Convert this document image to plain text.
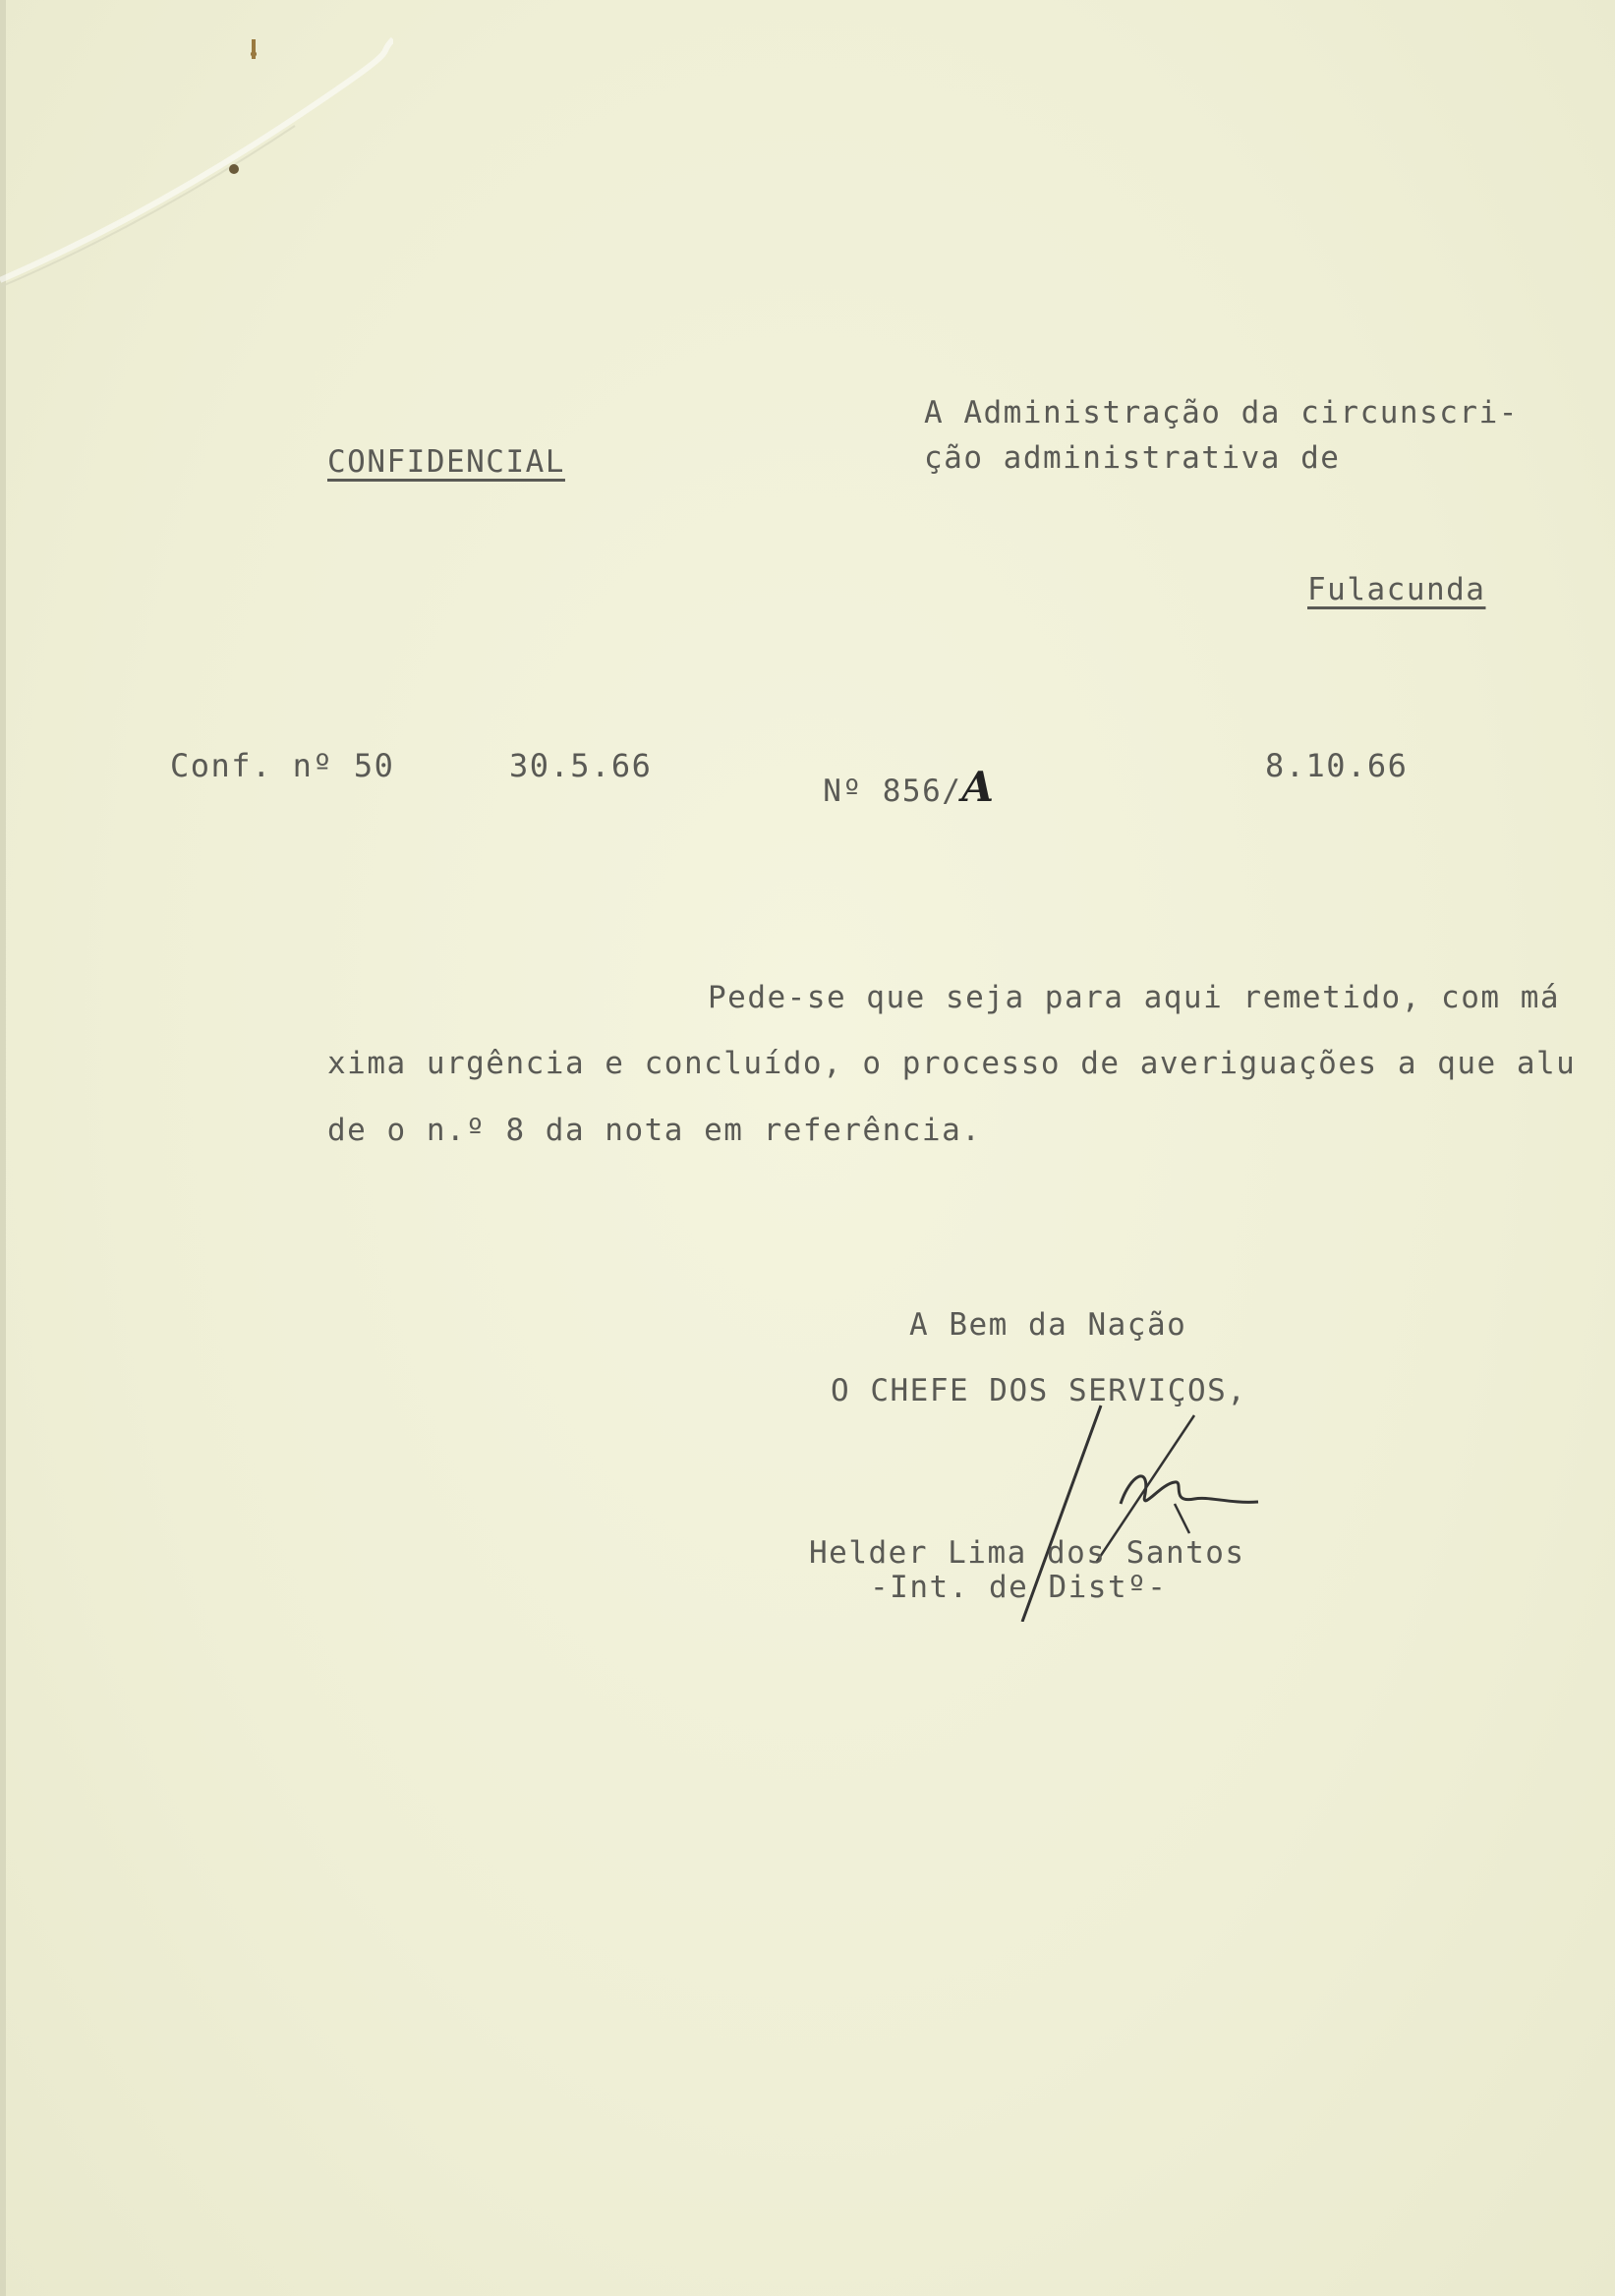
CONFIDENCIAL
A Administração da circunscri-
ção administrativa de
Fulacunda
Conf. nº 50	30.5.66

Nº 856/A	8.10.66
Pede-se que seja para aqui remetido, com má
xima urgência e concluído, o processo de averiguações a que alu
de o n.º 8 da nota em referência.
A Bem da Nação
O CHEFE DOS SERVIÇOS,
Helder Lima dos Santos
-Int. de Distº-
